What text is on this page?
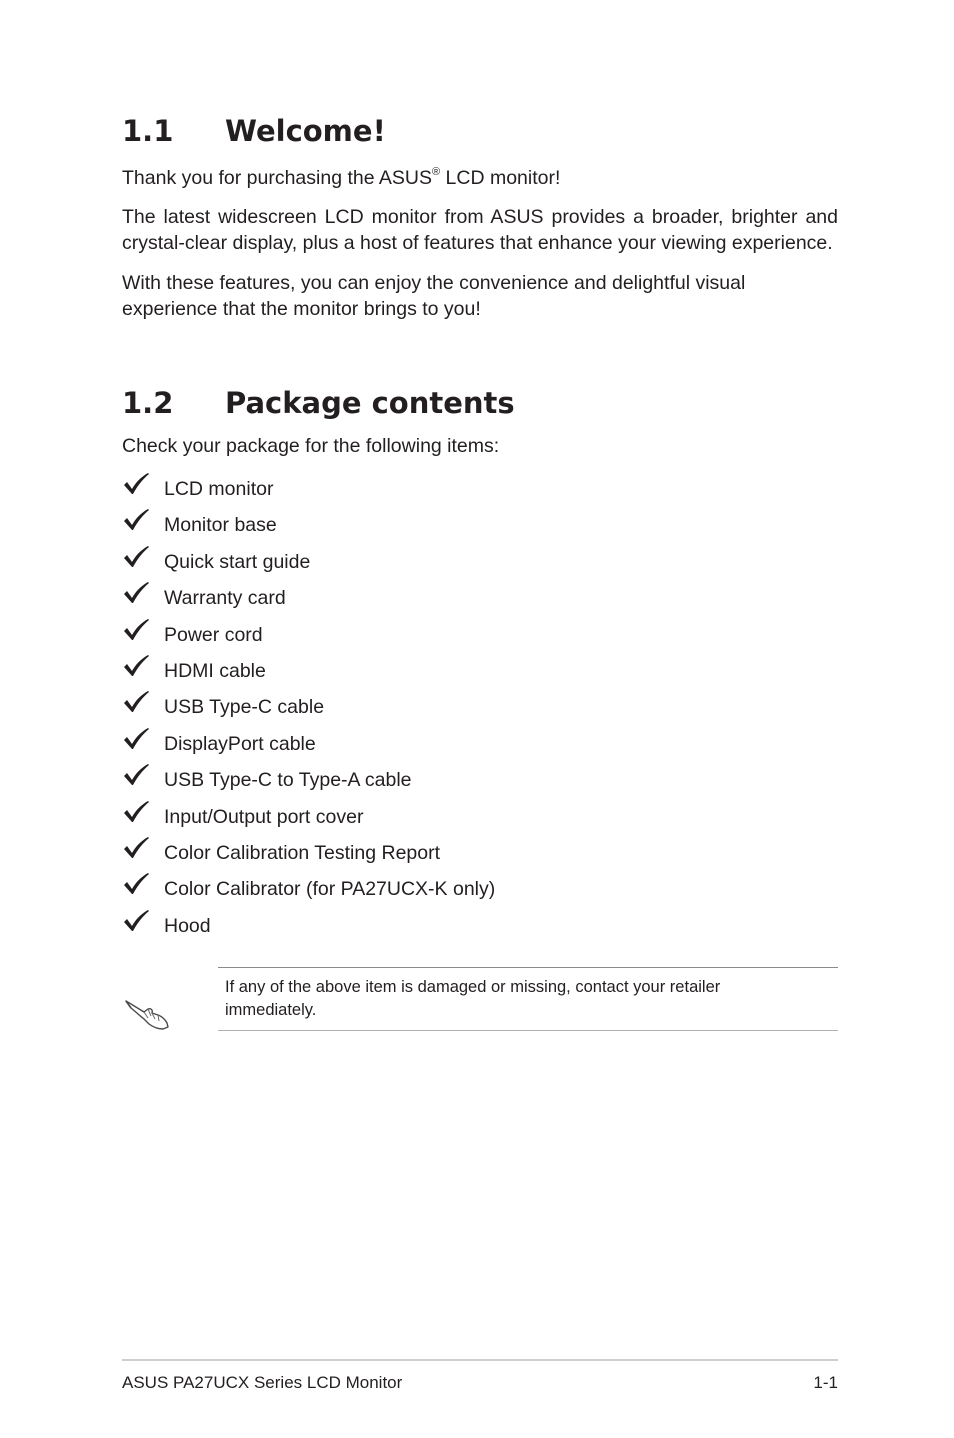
1.1 Welcome!
Thank you for purchasing the ASUS® LCD monitor!
The latest widescreen LCD monitor from ASUS provides a broader, brighter and crystal-clear display, plus a host of features that enhance your viewing experience.
With these features, you can enjoy the convenience and delightful visual
experience that the monitor brings to you!
1.2 Package contents
Check your package for the following items:
LCD monitor
Monitor base
Quick start guide
Warranty card
Power cord
HDMI cable
USB Type-C cable
DisplayPort cable
USB Type-C to Type-A cable
Input/Output port cover
Color Calibration Testing Report
Color Calibrator (for PA27UCX-K only)
Hood
If any of the above item is damaged or missing, contact your retailer
immediately.
ASUS PA27UCX Series LCD Monitor	1-1
